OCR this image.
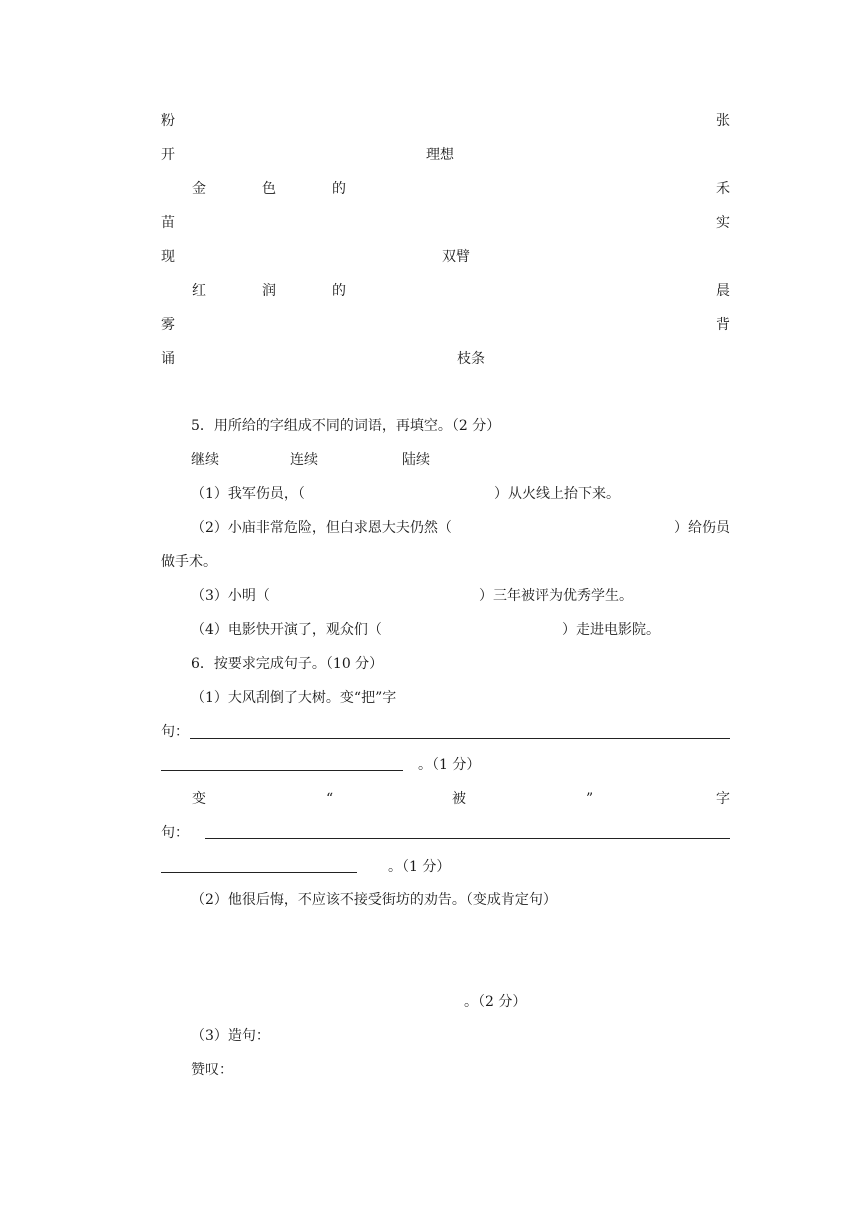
粉	张
开	理想
金	色	的	禾
苗	实
现	双臂
红	润	的	晨
雾	背
诵	枝条
5．用所给的字组成不同的词语，再填空。（2 分）
继续	连续	陆续
（1）我军伤员，（	）从火线上抬下来。
（2）小庙非常危险，但白求恩大夫仍然（	）给伤员
做手术。
（3）小明（	）三年被评为优秀学生。
（4）电影快开演了，观众们（	）走进电影院。
6．按要求完成句子。（10 分）
（1）大风刮倒了大树。变“把”字
句：
。（1 分）
变	“	被	”	字
句：
。（1 分）
（2）他很后悔，不应该不接受街坊的劝告。（变成肯定句）
。（2 分）
（3）造句：
赞叹：
